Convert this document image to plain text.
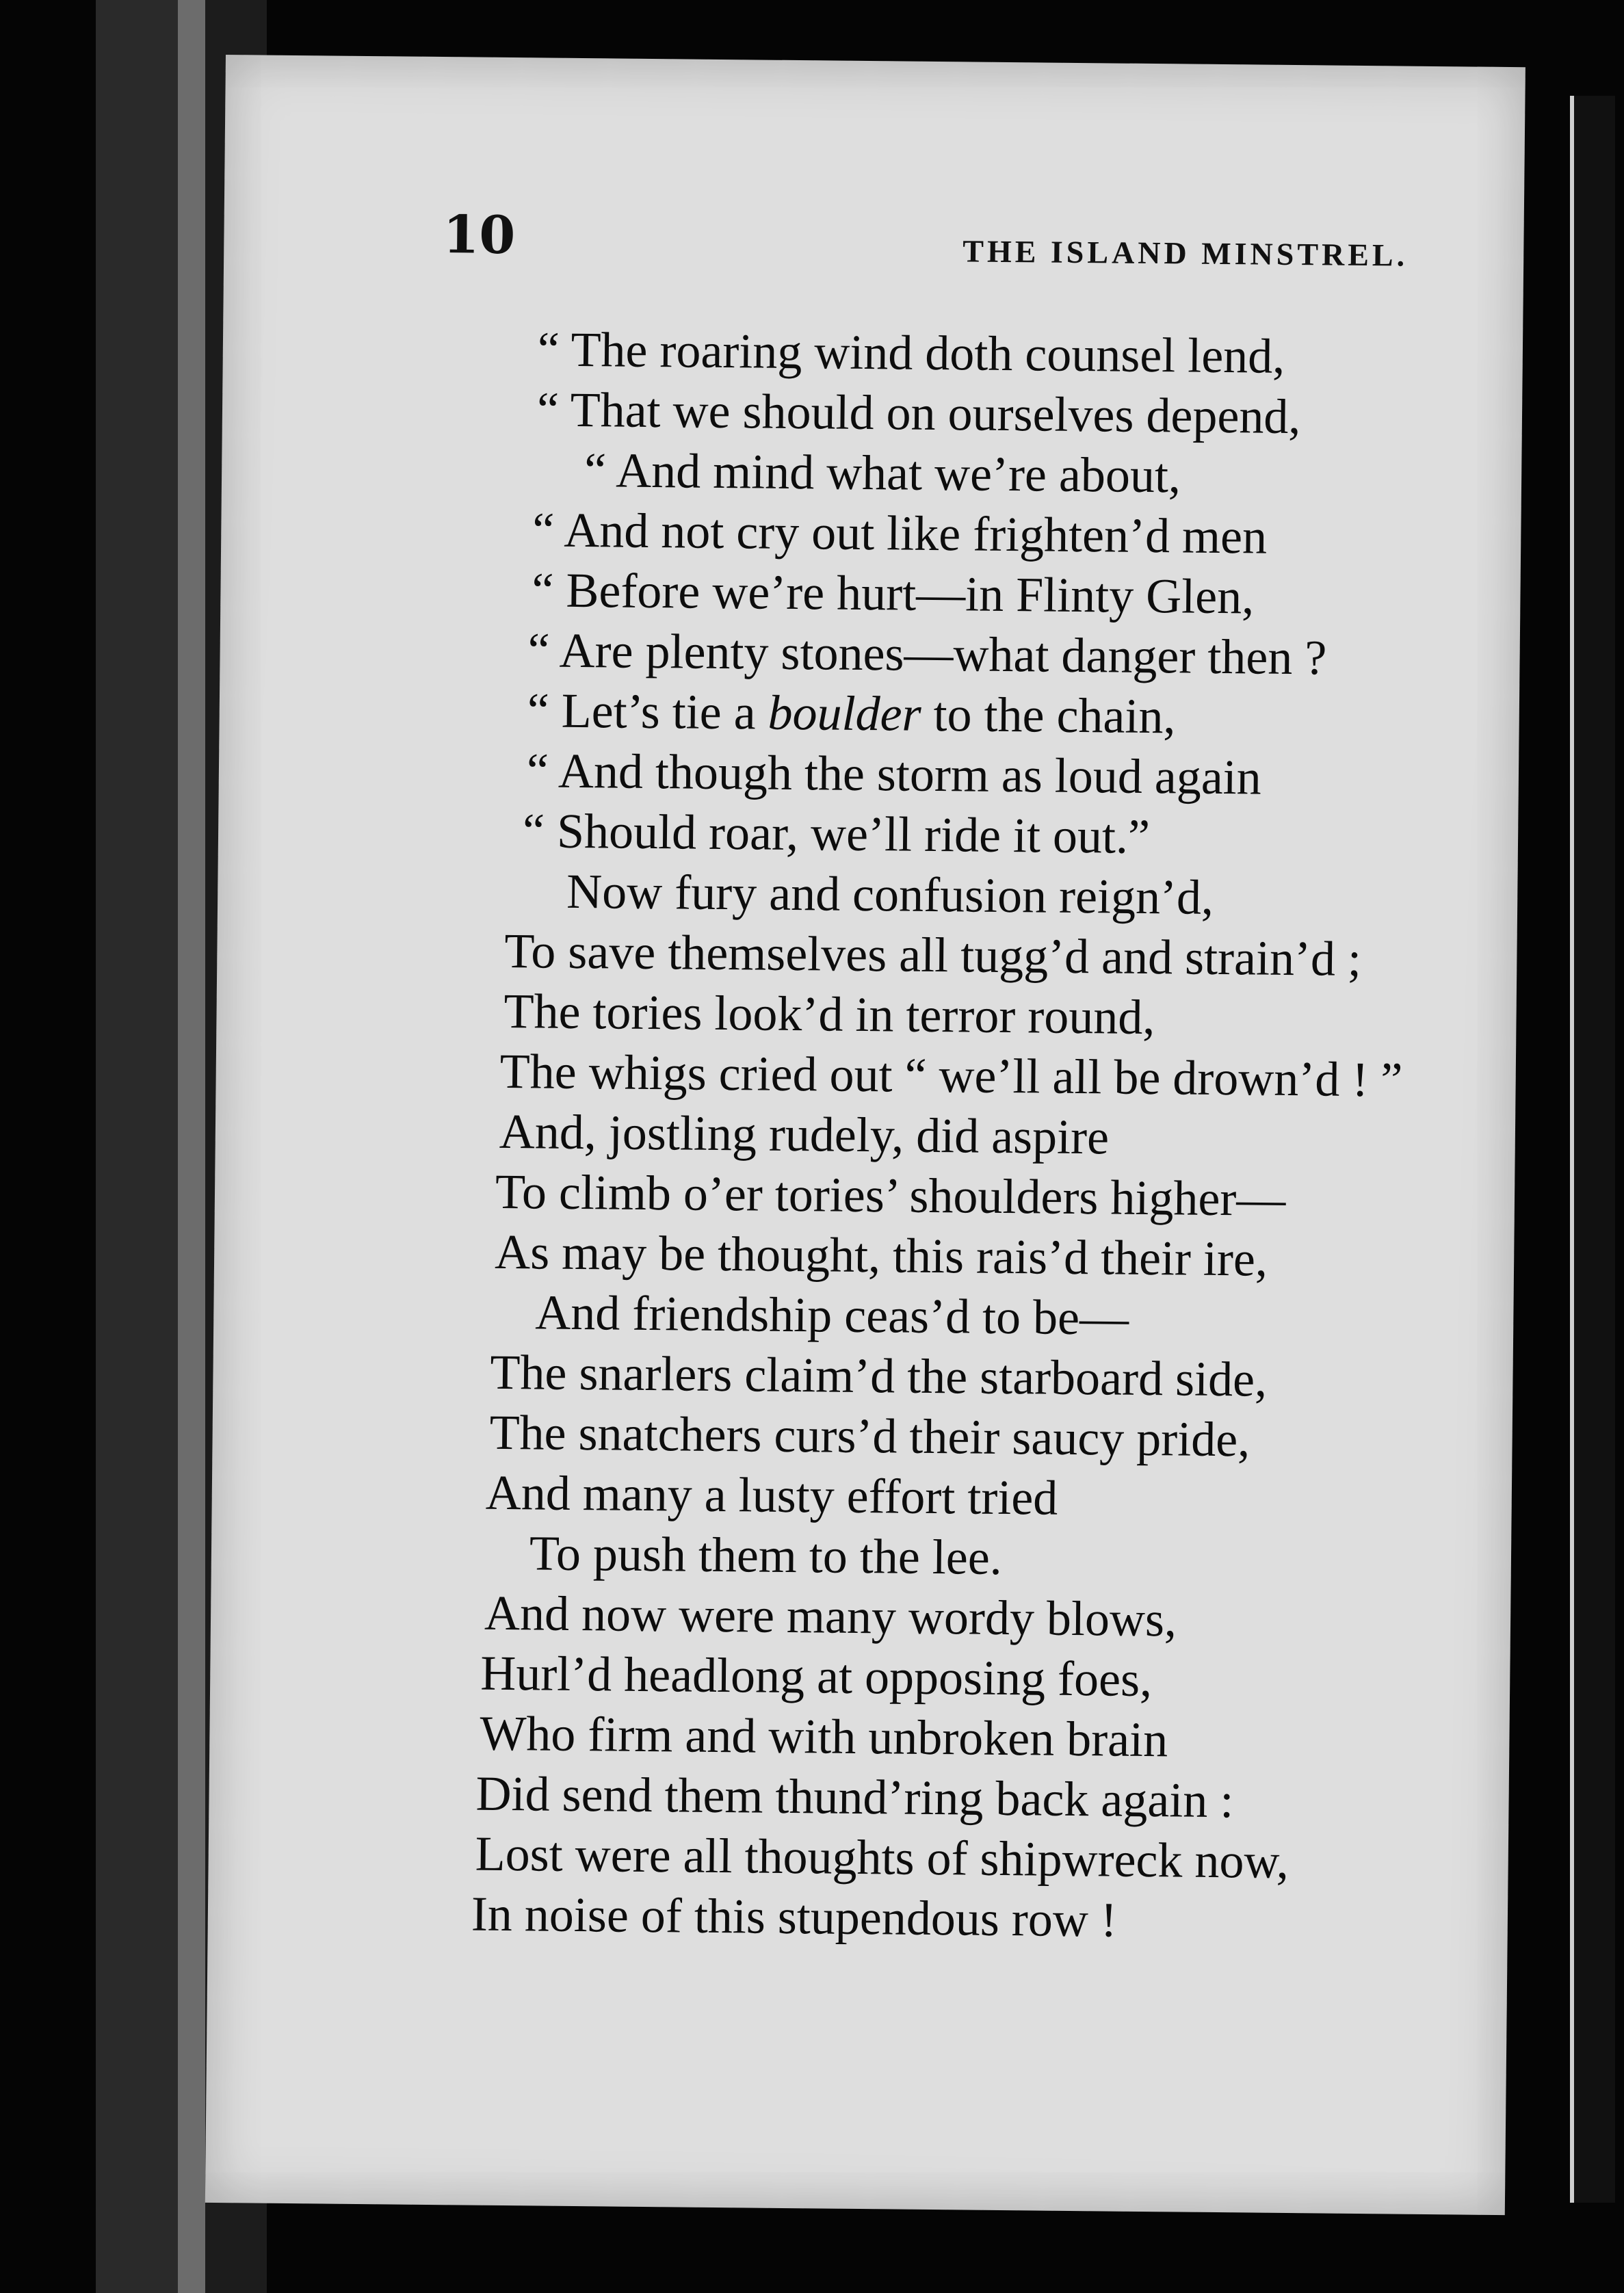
10	THE ISLAND MINSTREL.

“ The roaring wind doth counsel lend,
“ That we should on ourselves depend,
“ And mind what we’re about,
“ And not cry out like frighten’d men
“ Before we’re hurt—in Flinty Glen,
“ Are plenty stones—what danger then ?
“ Let’s tie a boulder to the chain,
“ And though the storm as loud again
“ Should roar, we’ll ride it out.”
Now fury and confusion reign’d,
To save themselves all tugg’d and strain’d ;
The tories look’d in terror round,
The whigs cried out “ we’ll all be drown’d ! ”
And, jostling rudely, did aspire
To climb o’er tories’ shoulders higher—
As may be thought, this rais’d their ire,
And friendship ceas’d to be—
The snarlers claim’d the starboard side,
The snatchers curs’d their saucy pride,
And many a lusty effort tried
To push them to the lee.
And now were many wordy blows,
Hurl’d headlong at opposing foes,
Who firm and with unbroken brain
Did send them thund’ring back again :
Lost were all thoughts of shipwreck now,
In noise of this stupendous row !
